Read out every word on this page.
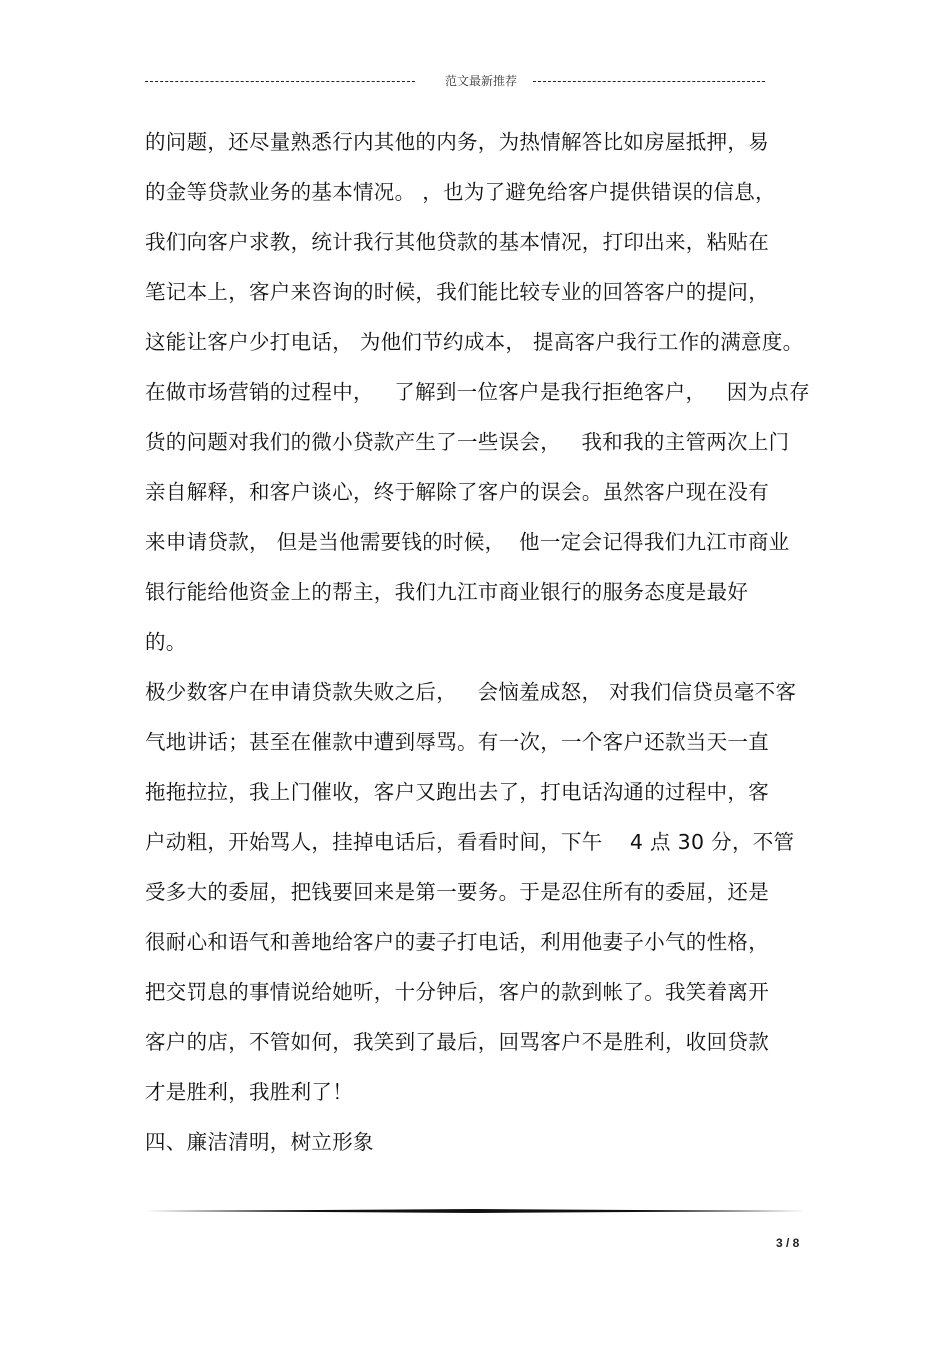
范文最新推荐
的问题，还尽量熟悉行内其他的内务，为热情解答比如房屋抵押，易
的金等贷款业务的基本情况。 ，也为了避免给客户提供错误的信息，
我们向客户求教，统计我行其他贷款的基本情况，打印出来，粘贴在
笔记本上，客户来咨询的时候，我们能比较专业的回答客户的提问，
这能让客户少打电话， 为他们节约成本， 提高客户我行工作的满意度。
在做市场营销的过程中，   了解到一位客户是我行拒绝客户，   因为点存
货的问题对我们的微小贷款产生了一些误会，   我和我的主管两次上门
亲自解释，和客户谈心，终于解除了客户的误会。虽然客户现在没有
来申请贷款， 但是当他需要钱的时候，  他一定会记得我们九江市商业
银行能给他资金上的帮主，我们九江市商业银行的服务态度是最好
的。
极少数客户在申请贷款失败之后，   会恼羞成怒， 对我们信贷员毫不客
气地讲话；甚至在催款中遭到辱骂。有一次，一个客户还款当天一直
拖拖拉拉，我上门催收，客户又跑出去了，打电话沟通的过程中，客
户动粗，开始骂人，挂掉电话后，看看时间，下午    4 点 30 分，不管
受多大的委屈，把钱要回来是第一要务。于是忍住所有的委屈，还是
很耐心和语气和善地给客户的妻子打电话，利用他妻子小气的性格，
把交罚息的事情说给她听，十分钟后，客户的款到帐了。我笑着离开
客户的店，不管如何，我笑到了最后，回骂客户不是胜利，收回贷款
才是胜利，我胜利了！
四、廉洁清明，树立形象
3 / 8
